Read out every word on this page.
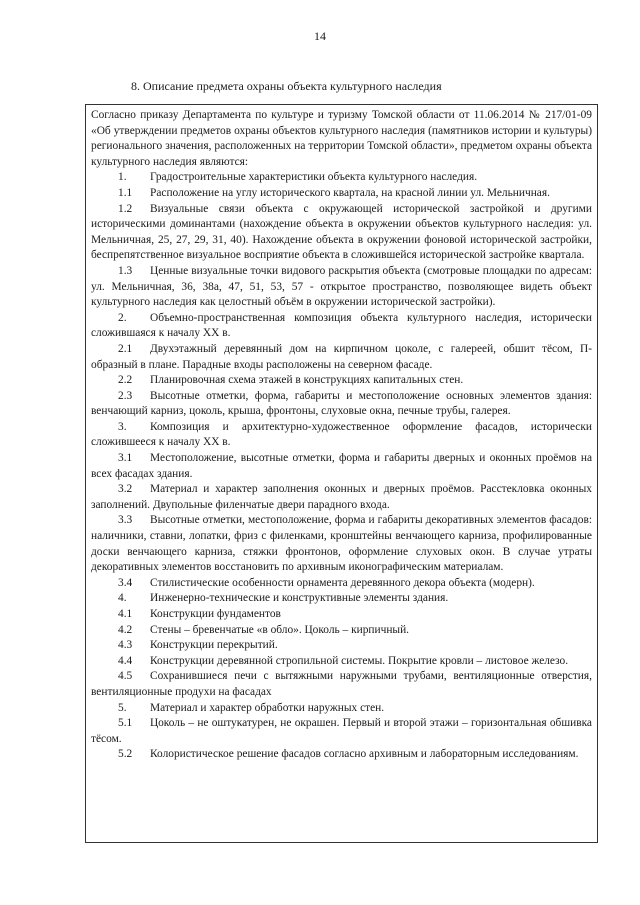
14
8. Описание предмета охраны объекта культурного наследия

Согласно приказу Департамента по культуре и туризму Томской области от 11.06.2014 № 217/01-09 «Об утверждении предметов охраны объектов культурного наследия (памятников истории и культуры) регионального значения, расположенных на территории Томской области», предметом охраны объекта культурного наследия являются:

1. Градостроительные характеристики объекта культурного наследия.

1.1 Расположение на углу исторического квартала, на красной линии ул. Мельничная.

1.2 Визуальные связи объекта с окружающей исторической застройкой и другими историческими доминантами (нахождение объекта в окружении объектов культурного наследия: ул. Мельничная, 25, 27, 29, 31, 40). Нахождение объекта в окружении фоновой исторической застройки, беспрепятственное визуальное восприятие объекта в сложившейся исторической застройке квартала.

1.3 Ценные визуальные точки видового раскрытия объекта (смотровые площадки по адресам: ул. Мельничная, 36, 38а, 47, 51, 53, 57 - открытое пространство, позволяющее видеть объект культурного наследия как целостный объём в окружении исторической застройки).

2. Объемно-пространственная композиция объекта культурного наследия, исторически сложившаяся к началу XX в.

2.1 Двухэтажный деревянный дом на кирпичном цоколе, с галереей, обшит тёсом, П-образный в плане. Парадные входы расположены на северном фасаде.

2.2 Планировочная схема этажей в конструкциях капитальных стен.

2.3 Высотные отметки, форма, габариты и местоположение основных элементов здания: венчающий карниз, цоколь, крыша, фронтоны, слуховые окна, печные трубы, галерея.

3. Композиция и архитектурно-художественное оформление фасадов, исторически сложившееся к началу XX в.

3.1 Местоположение, высотные отметки, форма и габариты дверных и оконных проёмов на всех фасадах здания.

3.2 Материал и характер заполнения оконных и дверных проёмов. Расстекловка оконных заполнений. Двупольные филенчатые двери парадного входа.

3.3 Высотные отметки, местоположение, форма и габариты декоративных элементов фасадов: наличники, ставни, лопатки, фриз с филенками, кронштейны венчающего карниза, профилированные доски венчающего карниза, стяжки фронтонов, оформление слуховых окон. В случае утраты декоративных элементов восстановить по архивным иконографическим материалам.

3.4 Стилистические особенности орнамента деревянного декора объекта (модерн).

4. Инженерно-технические и конструктивные элементы здания.

4.1 Конструкции фундаментов

4.2 Стены – бревенчатые «в обло». Цоколь – кирпичный.

4.3 Конструкции перекрытий.

4.4 Конструкции деревянной стропильной системы. Покрытие кровли – листовое железо.

4.5 Сохранившиеся печи с вытяжными наружными трубами, вентиляционные отверстия, вентиляционные продухи на фасадах

5. Материал и характер обработки наружных стен.

5.1 Цоколь – не оштукатурен, не окрашен. Первый и второй этажи – горизонтальная обшивка тёсом.

5.2 Колористическое решение фасадов согласно архивным и лабораторным исследованиям.
